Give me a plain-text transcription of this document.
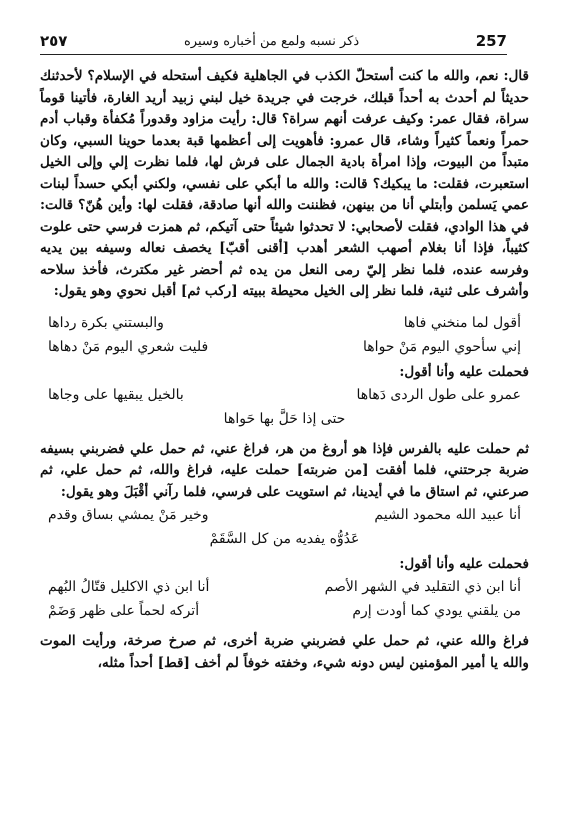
٢٥٧	ذكر نسبه ولمع من أخباره وسيره	257

قال: نعم، والله ما كنت أستحلّ الكذب في الجاهلية فكيف أستحله في الإسلام؟ لأحدثنك حديثاً لم أحدث به أحداً قبلك، خرجت في جريدة خيل لبني زبيد أريد الغارة، فأتينا قوماً سراة، فقال عمر: وكيف عرفت أنهم سراة؟ قال: رأيت مزاود وقدوراً مُكفأة وقباب أدم حمراً ونعماً كثيراً وشاء، قال عمرو: فأهويت إلى أعظمها قبة بعدما حوينا السبي، وكان متبداً من البيوت، وإذا امرأة بادية الجمال على فرش لها، فلما نظرت إلي وإلى الخيل استعبرت، فقلت: ما يبكيك؟ قالت: والله ما أبكي على نفسي، ولكني أبكي حسداً لبنات عمي يَسلمن وأبتلي أنا من بينهن، فظننت والله أنها صادقة، فقلت لها: وأين هُنّ؟ قالت: في هذا الوادي، فقلت لأصحابي: لا تحدثوا شيئاً حتى آتيكم، ثم همزت فرسي حتى علوت كثيباً، فإذا أنا بغلام أصهب الشعر أهدب [أقنى أقبّ] يخصف نعاله وسيفه بين يديه وفرسه عنده، فلما نظر إليّ رمى النعل من يده ثم أحضر غير مكترث، فأخذ سلاحه وأشرف على ثنية، فلما نظر إلى الخيل محيطة ببيته [ركب ثم] أقبل نحوي وهو يقول:

أقول لما منخني فاها
والبستني بكرة رداها
إني سأحوي اليوم مَنْ حواها
فليت شعري اليوم مَنْ دهاها

فحملت عليه وأنا أقول:

عمرو على طول الردى دَهاها
بالخيل يبقيها على وجاها
حتى إذا حَلَّ بها حَواها

ثم حملت عليه بالفرس فإذا هو أروغ من هر، فراغ عني، ثم حمل علي فضربني بسيفه ضربة جرحتني، فلما أفقت [من ضربته] حملت عليه، فراغ والله، ثم حمل علي، ثم صرعني، ثم استاق ما في أيدينا، ثم استويت على فرسي، فلما رآني أقْبَلَ وهو يقول:

أنا عبيد الله محمود الشيم
وخير مَنْ يمشي بساق وقدم
عَدُوُّه يفديه من كل السَّقَمْ

فحملت عليه وأنا أقول:

أنا ابن ذي التقليد في الشهر الأصم
أنا ابن ذي الاكليل قتّالُ البُهم
من يلقني يودي كما أودت إرم
أتركه لحماً على ظهر وَضَمْ

فراغ والله عني، ثم حمل علي فضربني ضربة أخرى، ثم صرخ صرخة، ورأيت الموت والله يا أمير المؤمنين ليس دونه شيء، وخفته خوفاً لم أخف [قط] أحداً مثله،
